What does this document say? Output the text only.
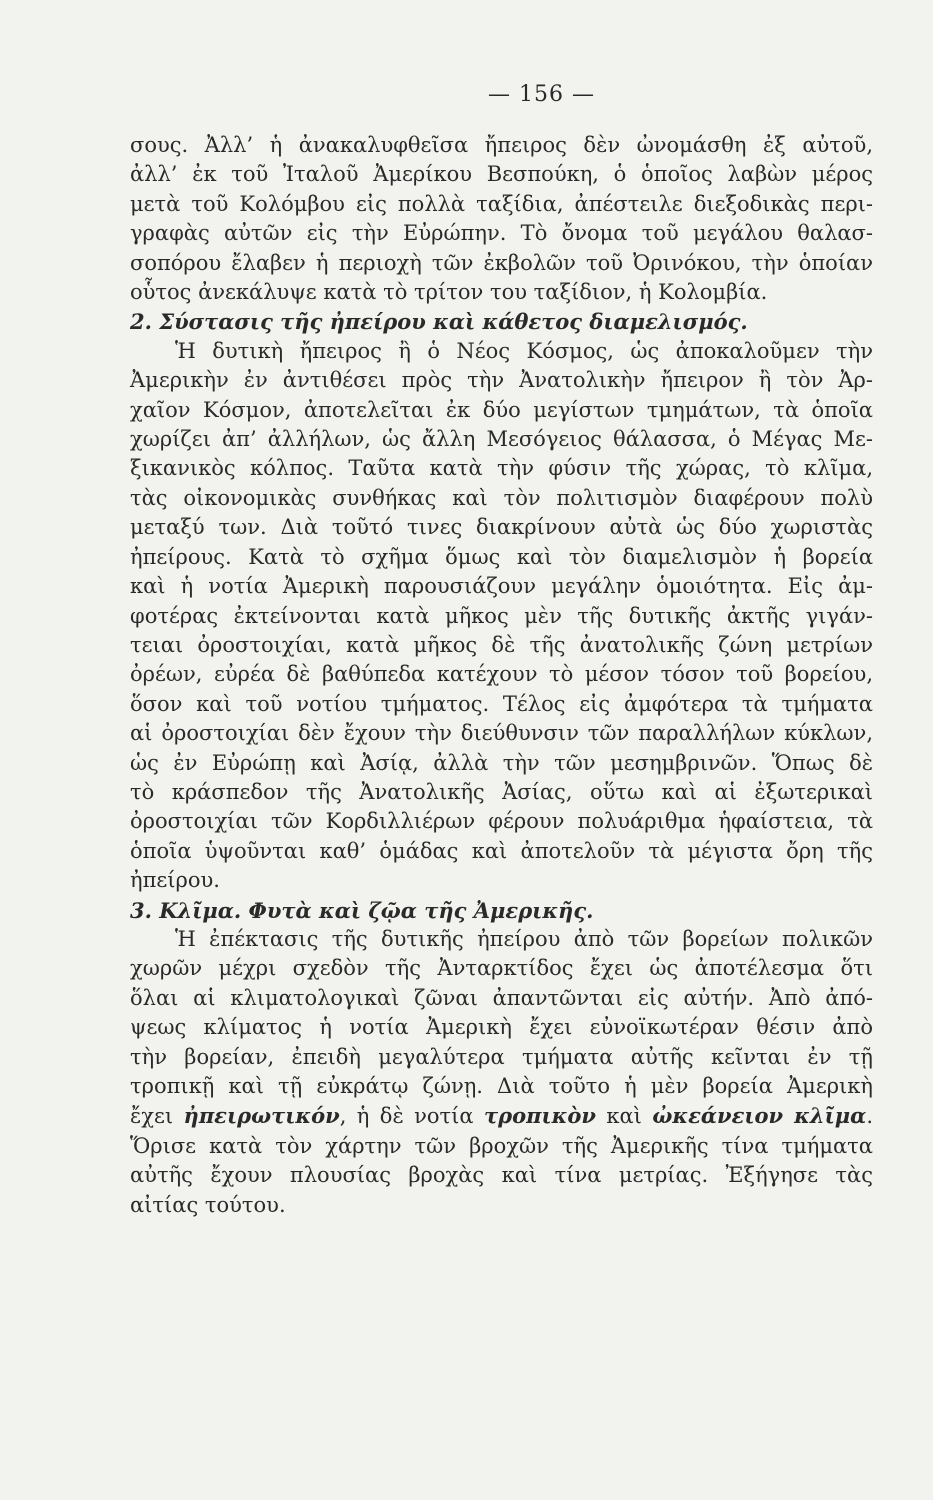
— 156 —
σους. Ἀλλ’ ἡ ἀνακαλυφθεῖσα ἤπειρος δὲν ὠνομάσθη ἐξ αὐτοῦ,
ἀλλ’ ἐκ τοῦ Ἰταλοῦ Ἀμερίκου Βεσπούκη, ὁ ὁποῖος λαβὼν μέρος
μετὰ τοῦ Κολόμβου εἰς πολλὰ ταξίδια, ἀπέστειλε διεξοδικὰς περι-
γραφὰς αὐτῶν εἰς τὴν Εὐρώπην. Τὸ ὄνομα τοῦ μεγάλου θαλασ-
σοπόρου ἔλαβεν ἡ περιοχὴ τῶν ἐκβολῶν τοῦ Ὀρινόκου, τὴν ὁποίαν
οὗτος ἀνεκάλυψε κατὰ τὸ τρίτον του ταξίδιον, ἡ Κολομβία.
2. Σύστασις τῆς ἠπείρου καὶ κάθετος διαμελισμός.
Ἡ δυτικὴ ἤπειρος ἢ ὁ Νέος Κόσμος, ὡς ἀποκαλοῦμεν τὴν
Ἀμερικὴν ἐν ἀντιθέσει πρὸς τὴν Ἀνατολικὴν ἤπειρον ἢ τὸν Ἀρ-
χαῖον Κόσμον, ἀποτελεῖται ἐκ δύο μεγίστων τμημάτων, τὰ ὁποῖα
χωρίζει ἀπ’ ἀλλήλων, ὡς ἄλλη Μεσόγειος θάλασσα, ὁ Μέγας Με-
ξικανικὸς κόλπος. Ταῦτα κατὰ τὴν φύσιν τῆς χώρας, τὸ κλῖμα,
τὰς οἰκονομικὰς συνθήκας καὶ τὸν πολιτισμὸν διαφέρουν πολὺ
μεταξύ των. Διὰ τοῦτό τινες διακρίνουν αὐτὰ ὡς δύο χωριστὰς
ἠπείρους. Κατὰ τὸ σχῆμα ὅμως καὶ τὸν διαμελισμὸν ἡ βορεία
καὶ ἡ νοτία Ἀμερικὴ παρουσιάζουν μεγάλην ὁμοιότητα. Εἰς ἀμ-
φοτέρας ἐκτείνονται κατὰ μῆκος μὲν τῆς δυτικῆς ἀκτῆς γιγάν-
τειαι ὀροστοιχίαι, κατὰ μῆκος δὲ τῆς ἀνατολικῆς ζώνη μετρίων
ὀρέων, εὐρέα δὲ βαθύπεδα κατέχουν τὸ μέσον τόσον τοῦ βορείου,
ὅσον καὶ τοῦ νοτίου τμήματος. Τέλος εἰς ἀμφότερα τὰ τμήματα
αἱ ὀροστοιχίαι δὲν ἔχουν τὴν διεύθυνσιν τῶν παραλλήλων κύκλων,
ὡς ἐν Εὐρώπῃ καὶ Ἀσίᾳ, ἀλλὰ τὴν τῶν μεσημβρινῶν. Ὅπως δὲ
τὸ κράσπεδον τῆς Ἀνατολικῆς Ἀσίας, οὕτω καὶ αἱ ἐξωτερικαὶ
ὀροστοιχίαι τῶν Κορδιλλιέρων φέρουν πολυάριθμα ἡφαίστεια, τὰ
ὁποῖα ὑψοῦνται καθ’ ὁμάδας καὶ ἀποτελοῦν τὰ μέγιστα ὄρη τῆς
ἠπείρου.
3. Κλῖμα. Φυτὰ καὶ ζῷα τῆς Ἀμερικῆς.
Ἡ ἐπέκτασις τῆς δυτικῆς ἠπείρου ἀπὸ τῶν βορείων πολικῶν
χωρῶν μέχρι σχεδὸν τῆς Ἀνταρκτίδος ἔχει ὡς ἀποτέλεσμα ὅτι
ὅλαι αἱ κλιματολογικαὶ ζῶναι ἀπαντῶνται εἰς αὐτήν. Ἀπὸ ἀπό-
ψεως κλίματος ἡ νοτία Ἀμερικὴ ἔχει εὐνοϊκωτέραν θέσιν ἀπὸ
τὴν βορείαν, ἐπειδὴ μεγαλύτερα τμήματα αὐτῆς κεῖνται ἐν τῇ
τροπικῇ καὶ τῇ εὐκράτῳ ζώνῃ. Διὰ τοῦτο ἡ μὲν βορεία Ἀμερικὴ
ἔχει ἠπειρωτικόν, ἡ δὲ νοτία τροπικὸν καὶ ὠκεάνειον κλῖμα.
Ὅρισε κατὰ τὸν χάρτην τῶν βροχῶν τῆς Ἀμερικῆς τίνα τμήματα
αὐτῆς ἔχουν πλουσίας βροχὰς καὶ τίνα μετρίας. Ἐξήγησε τὰς
αἰτίας τούτου.
